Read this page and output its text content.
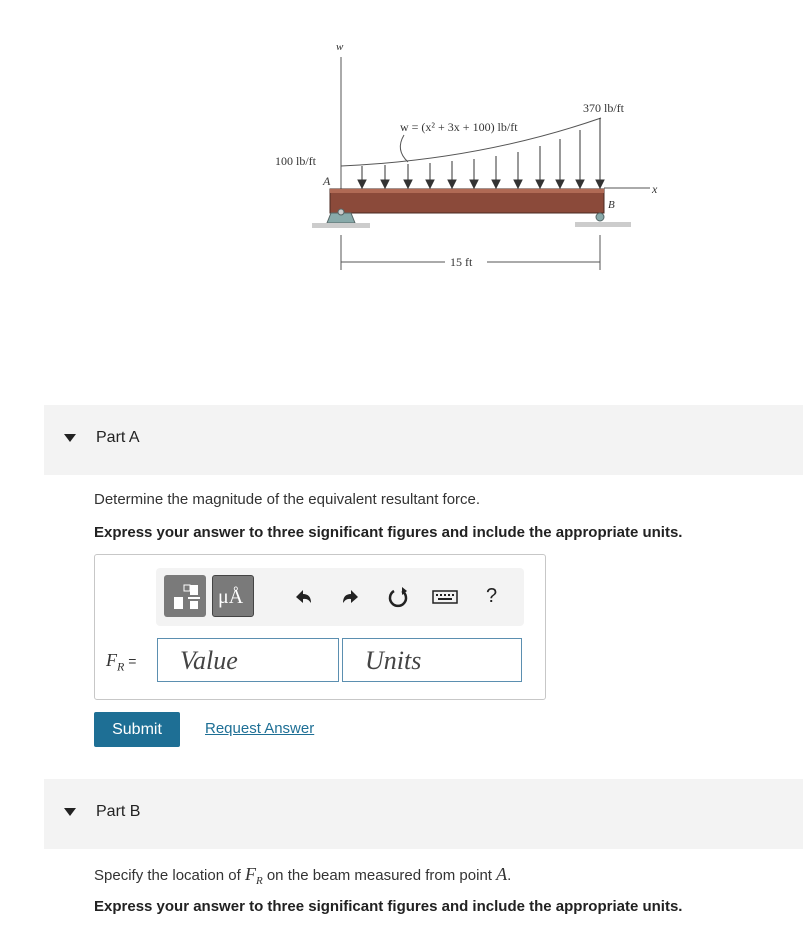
w
x
A
B
100 lb/ft
370 lb/ft
w = (x² + 3x + 100) lb/ft
15 ft
Part A
Determine the magnitude of the equivalent resultant force.
Express your answer to three significant figures and include the appropriate units.
μÅ	?
$F_R$ =	Value	Units
Submit	Request Answer
Part B
Specify the location of $F_R$ on the beam measured from point A.
Express your answer to three significant figures and include the appropriate units.
